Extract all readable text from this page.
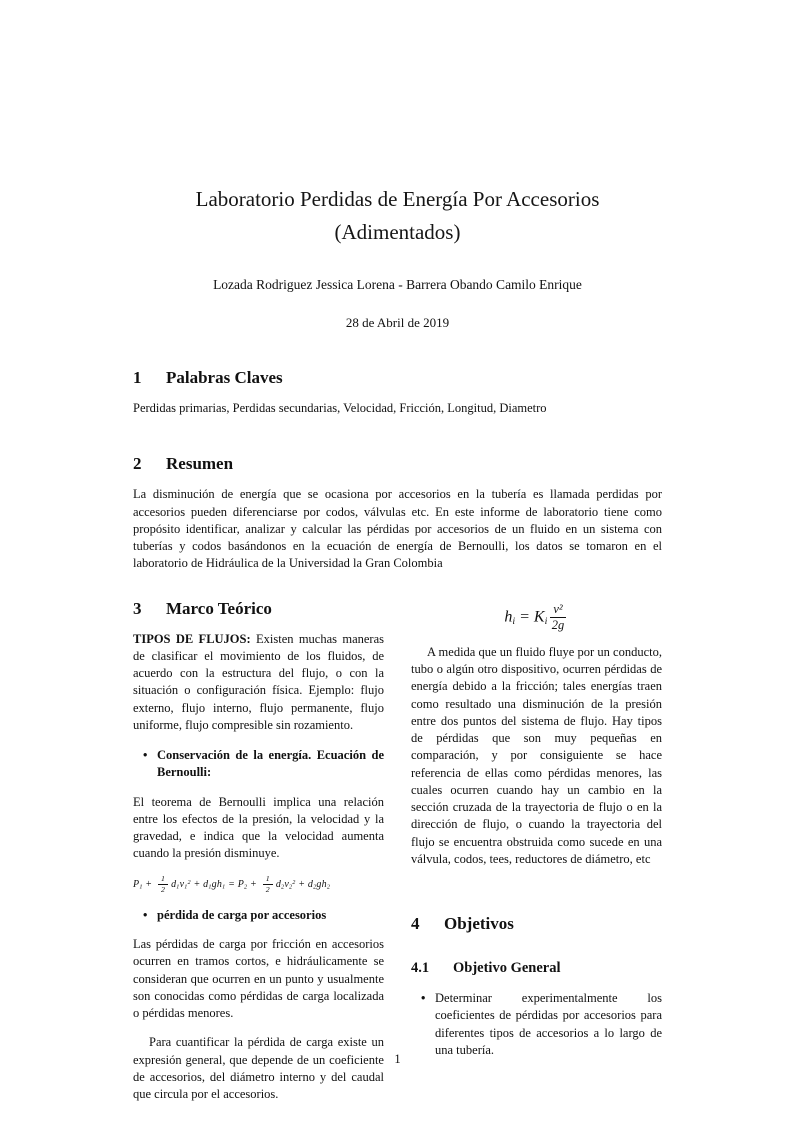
Laboratorio Perdidas de Energía Por Accesorios
(Adimentados)
Lozada Rodriguez Jessica Lorena - Barrera Obando Camilo Enrique
28 de Abril de 2019
1 Palabras Claves

Perdidas primarias, Perdidas secundarias, Velocidad, Fricción, Longitud, Diametro

2 Resumen

La disminución de energía que se ocasiona por accesorios en la tubería es llamada perdidas por accesorios pueden diferenciarse por codos, válvulas etc. En este informe de laboratorio tiene como propósito identificar, analizar y calcular las pérdidas por accesorios de un fluido en un sistema con tuberías y codos basándonos en la ecuación de energía de Bernoulli, los datos se tomaron en el laboratorio de Hidráulica de la Universidad la Gran Colombia

3 Marco Teórico

TIPOS DE FLUJOS: Existen muchas maneras de clasificar el movimiento de los fluidos, de acuerdo con la estructura del flujo, o con la situación o configuración física. Ejemplo: flujo externo, flujo interno, flujo permanente, flujo uniforme, flujo compresible sin rozamiento.

• Conservación de la energía. Ecuación de Bernoulli:

El teorema de Bernoulli implica una relación entre los efectos de la presión, la velocidad y la gravedad, e indica que la velocidad aumenta cuando la presión disminuye.

$P1 + \frac{1}{2} d1v1^2 + d1gh1 = P2 + \frac{1}{2} d2v2^2 + d2gh2$
• pérdida de carga por accesorios

Las pérdidas de carga por fricción en accesorios ocurren en tramos cortos, e hidráulicamente se consideran que ocurren en un punto y usualmente son conocidas como pérdidas de carga localizada o pérdidas menores.

Para cuantificar la pérdida de carga existe un expresión general, que depende de un coeficiente de accesorios, del diámetro interno y del caudal que circula por el accesorios.

hi = Ki $\frac{\text{v²}}{2g}$

A medida que un fluido fluye por un conducto, tubo o algún otro dispositivo, ocurren pérdidas de energía debido a la fricción; tales energías traen como resultado una disminución de la presión entre dos puntos del sistema de flujo. Hay tipos de pérdidas que son muy pequeñas en comparación, y por consiguiente se hace referencia de ellas como pérdidas menores, las cuales ocurren cuando hay un cambio en la sección cruzada de la trayectoria de flujo o en la dirección de flujo, o cuando la trayectoria del flujo se encuentra obstruida como sucede en una válvula, codos, tees, reductores de diámetro, etc

4 Objetivos
4.1 Objetivo General
• Determinar experimentalmente los coeficientes de pérdidas por accesorios para diferentes tipos de accesorios a lo largo de una tubería.
1
